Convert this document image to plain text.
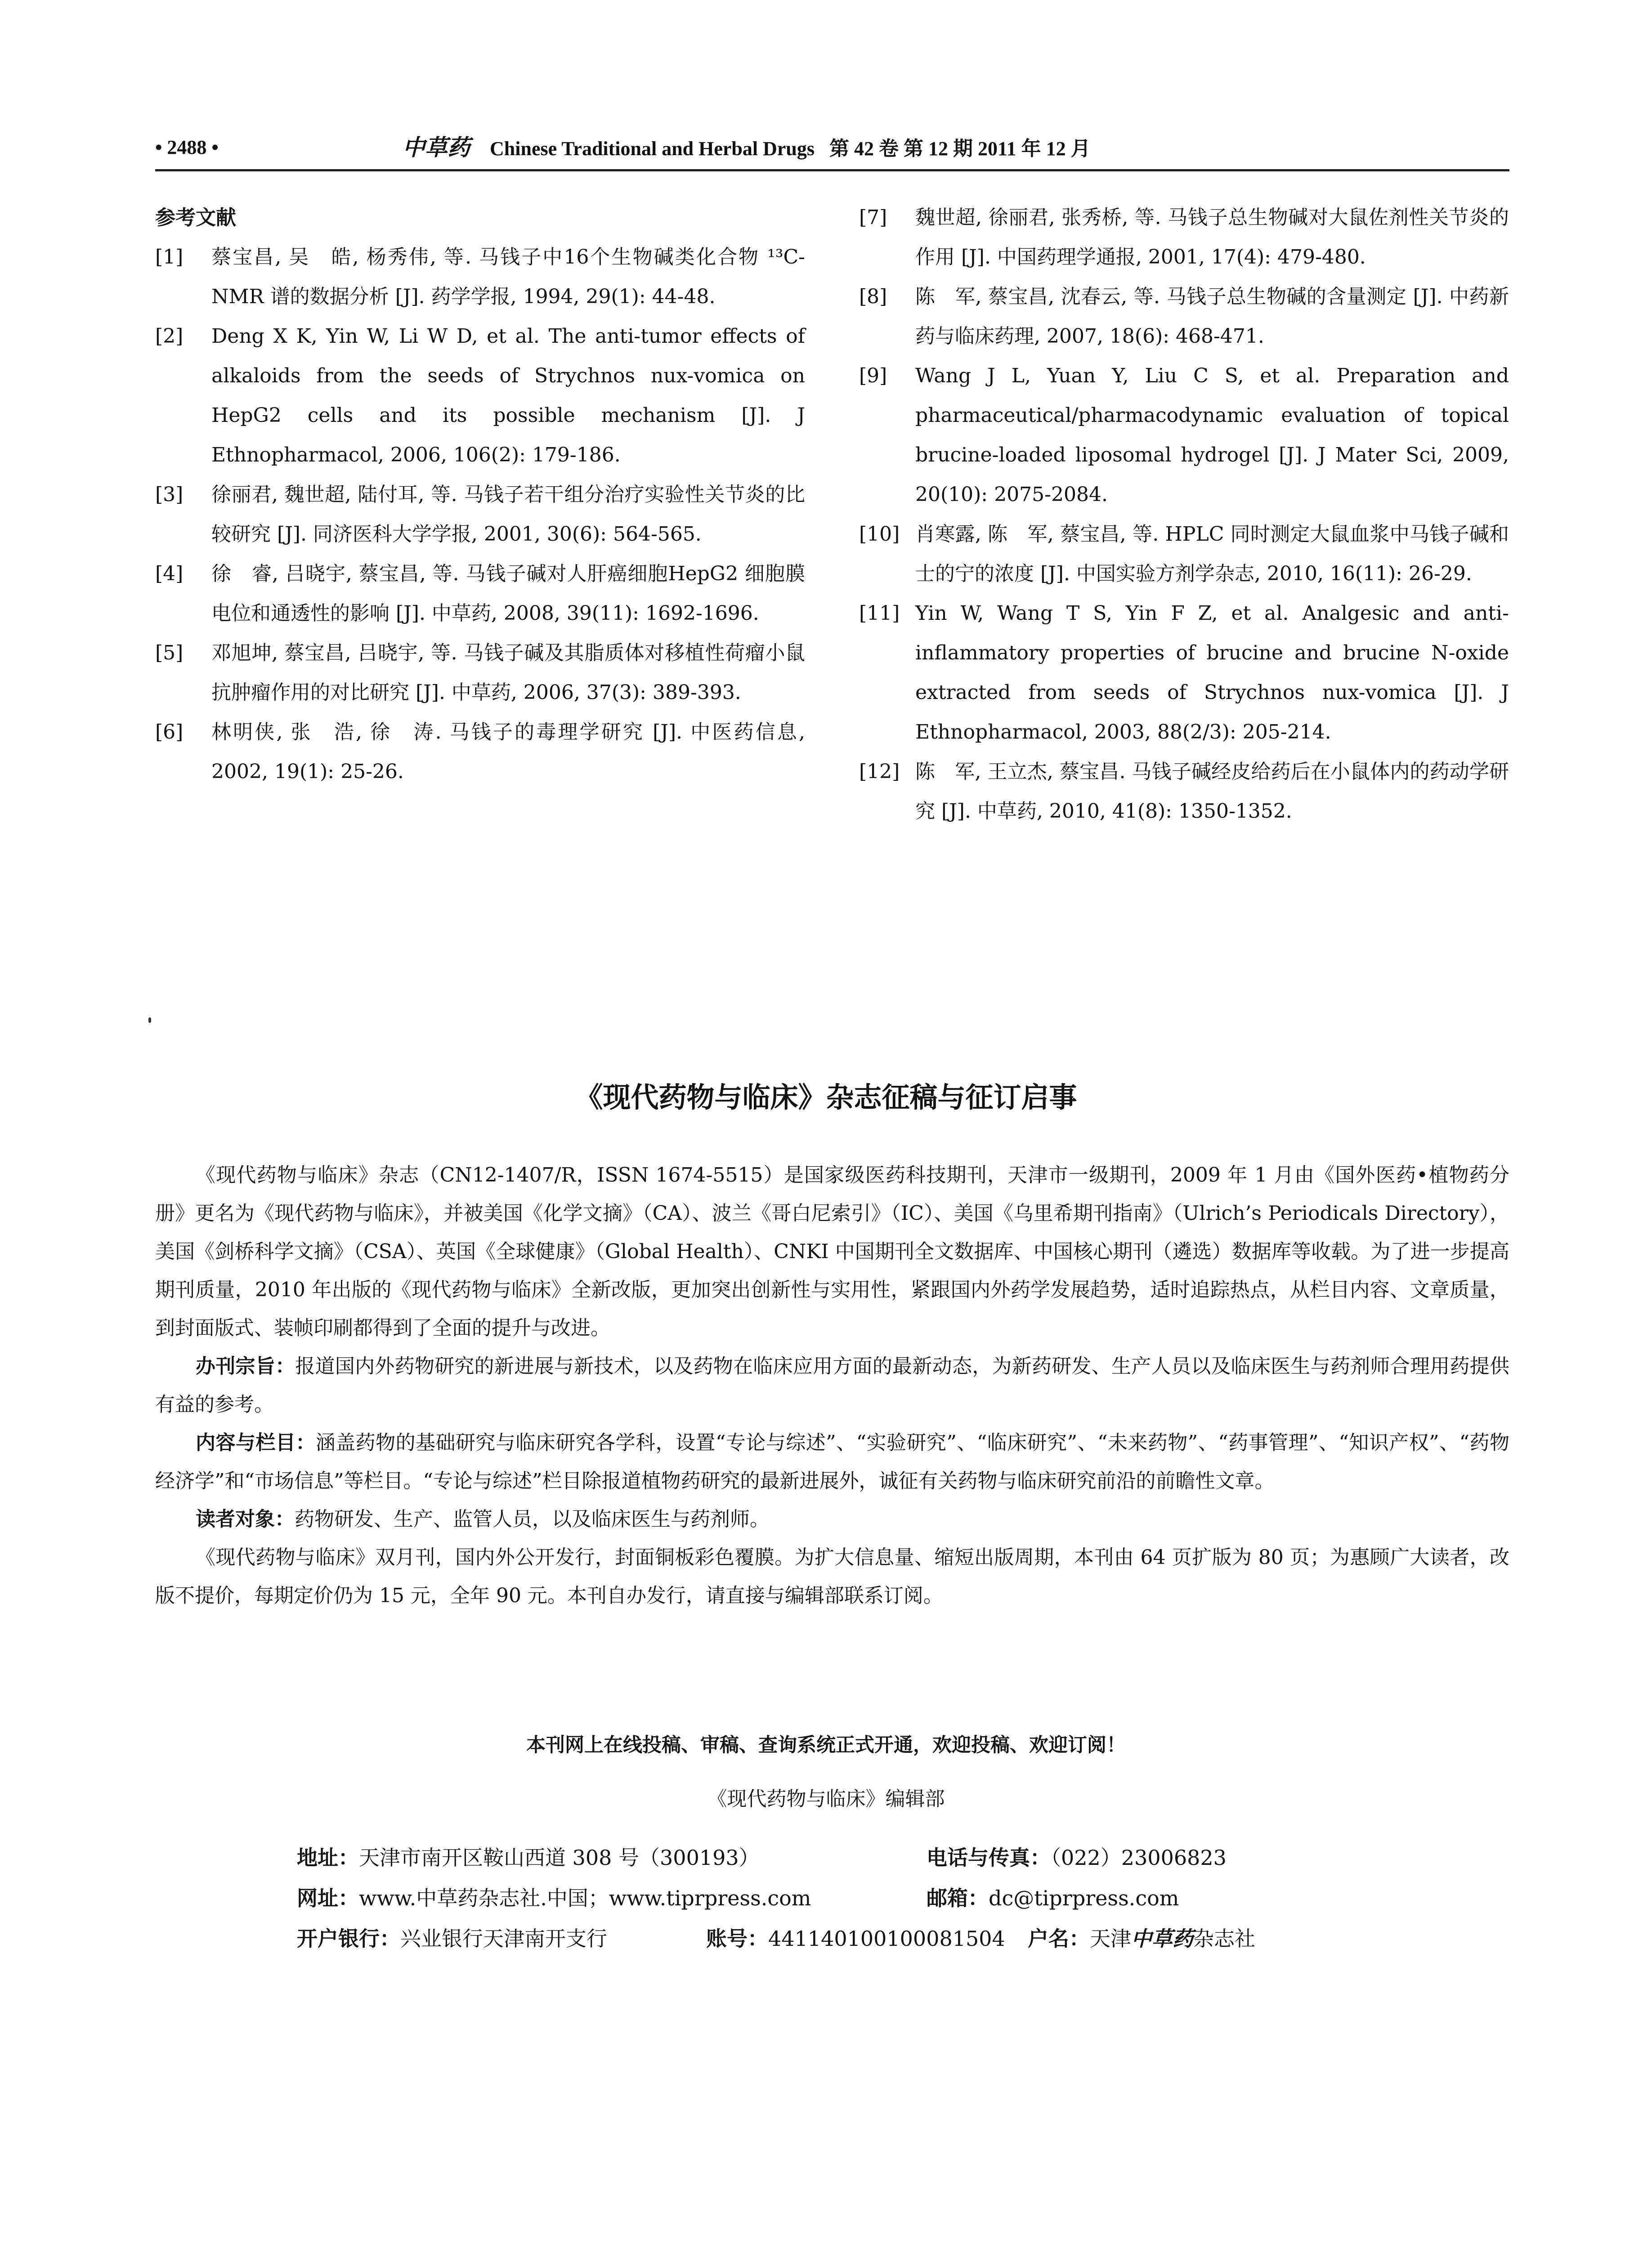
• 2488 •	中草药 Chinese Traditional and Herbal Drugs 第 42 卷 第 12 期 2011 年 12 月

参考文献

[1] 蔡宝昌, 吴　皓, 杨秀伟, 等. 马钱子中16个生物碱类化合物 ¹³C-NMR 谱的数据分析 [J]. 药学学报, 1994, 29(1): 44-48.
[2] Deng X K, Yin W, Li W D, et al. The anti-tumor effects of alkaloids from the seeds of Strychnos nux-vomica on HepG2 cells and its possible mechanism [J]. J Ethnopharmacol, 2006, 106(2): 179-186.
[3] 徐丽君, 魏世超, 陆付耳, 等. 马钱子若干组分治疗实验性关节炎的比较研究 [J]. 同济医科大学学报, 2001, 30(6): 564-565.
[4] 徐　睿, 吕晓宇, 蔡宝昌, 等. 马钱子碱对人肝癌细胞HepG2 细胞膜电位和通透性的影响 [J]. 中草药, 2008, 39(11): 1692-1696.
[5] 邓旭坤, 蔡宝昌, 吕晓宇, 等. 马钱子碱及其脂质体对移植性荷瘤小鼠抗肿瘤作用的对比研究 [J]. 中草药, 2006, 37(3): 389-393.
[6] 林明侠, 张　浩, 徐　涛. 马钱子的毒理学研究 [J]. 中医药信息, 2002, 19(1): 25-26.
[7] 魏世超, 徐丽君, 张秀桥, 等. 马钱子总生物碱对大鼠佐剂性关节炎的作用 [J]. 中国药理学通报, 2001, 17(4): 479-480.
[8] 陈　军, 蔡宝昌, 沈春云, 等. 马钱子总生物碱的含量测定 [J]. 中药新药与临床药理, 2007, 18(6): 468-471.
[9] Wang J L, Yuan Y, Liu C S, et al. Preparation and pharmaceutical/pharmacodynamic evaluation of topical brucine-loaded liposomal hydrogel [J]. J Mater Sci, 2009, 20(10): 2075-2084.
[10] 肖寒露, 陈　军, 蔡宝昌, 等. HPLC 同时测定大鼠血浆中马钱子碱和士的宁的浓度 [J]. 中国实验方剂学杂志, 2010, 16(11): 26-29.
[11] Yin W, Wang T S, Yin F Z, et al. Analgesic and anti-inflammatory properties of brucine and brucine N-oxide extracted from seeds of Strychnos nux-vomica [J]. J Ethnopharmacol, 2003, 88(2/3): 205-214.
[12] 陈　军, 王立杰, 蔡宝昌. 马钱子碱经皮给药后在小鼠体内的药动学研究 [J]. 中草药, 2010, 41(8): 1350-1352.
《现代药物与临床》杂志征稿与征订启事

《现代药物与临床》杂志（CN12-1407/R，ISSN 1674-5515）是国家级医药科技期刊，天津市一级期刊，2009 年 1 月由《国外医药•植物药分册》更名为《现代药物与临床》，并被美国《化学文摘》（CA）、波兰《哥白尼索引》（IC）、美国《乌里希期刊指南》（Ulrich’s Periodicals Directory），美国《剑桥科学文摘》（CSA）、英国《全球健康》（Global Health）、CNKI 中国期刊全文数据库、中国核心期刊（遴选）数据库等收载。为了进一步提高期刊质量，2010 年出版的《现代药物与临床》全新改版，更加突出创新性与实用性，紧跟国内外药学发展趋势，适时追踪热点，从栏目内容、文章质量，到封面版式、装帧印刷都得到了全面的提升与改进。

办刊宗旨：报道国内外药物研究的新进展与新技术，以及药物在临床应用方面的最新动态，为新药研发、生产人员以及临床医生与药剂师合理用药提供有益的参考。

内容与栏目：涵盖药物的基础研究与临床研究各学科，设置“专论与综述”、“实验研究”、“临床研究”、“未来药物”、“药事管理”、“知识产权”、“药物经济学”和“市场信息”等栏目。“专论与综述”栏目除报道植物药研究的最新进展外，诚征有关药物与临床研究前沿的前瞻性文章。

读者对象：药物研发、生产、监管人员，以及临床医生与药剂师。

《现代药物与临床》双月刊，国内外公开发行，封面铜板彩色覆膜。为扩大信息量、缩短出版周期，本刊由 64 页扩版为 80 页；为惠顾广大读者，改版不提价，每期定价仍为 15 元，全年 90 元。本刊自办发行，请直接与编辑部联系订阅。

本刊网上在线投稿、审稿、查询系统正式开通，欢迎投稿、欢迎订阅！
《现代药物与临床》编辑部
地址：天津市南开区鞍山西道 308 号（300193）	电话与传真：（022）23006823
网址：www.中草药杂志社.中国；www.tiprpress.com	邮箱：dc@tiprpress.com
开户银行：兴业银行天津南开支行	账号：441140100100081504 户名：天津中草药杂志社
